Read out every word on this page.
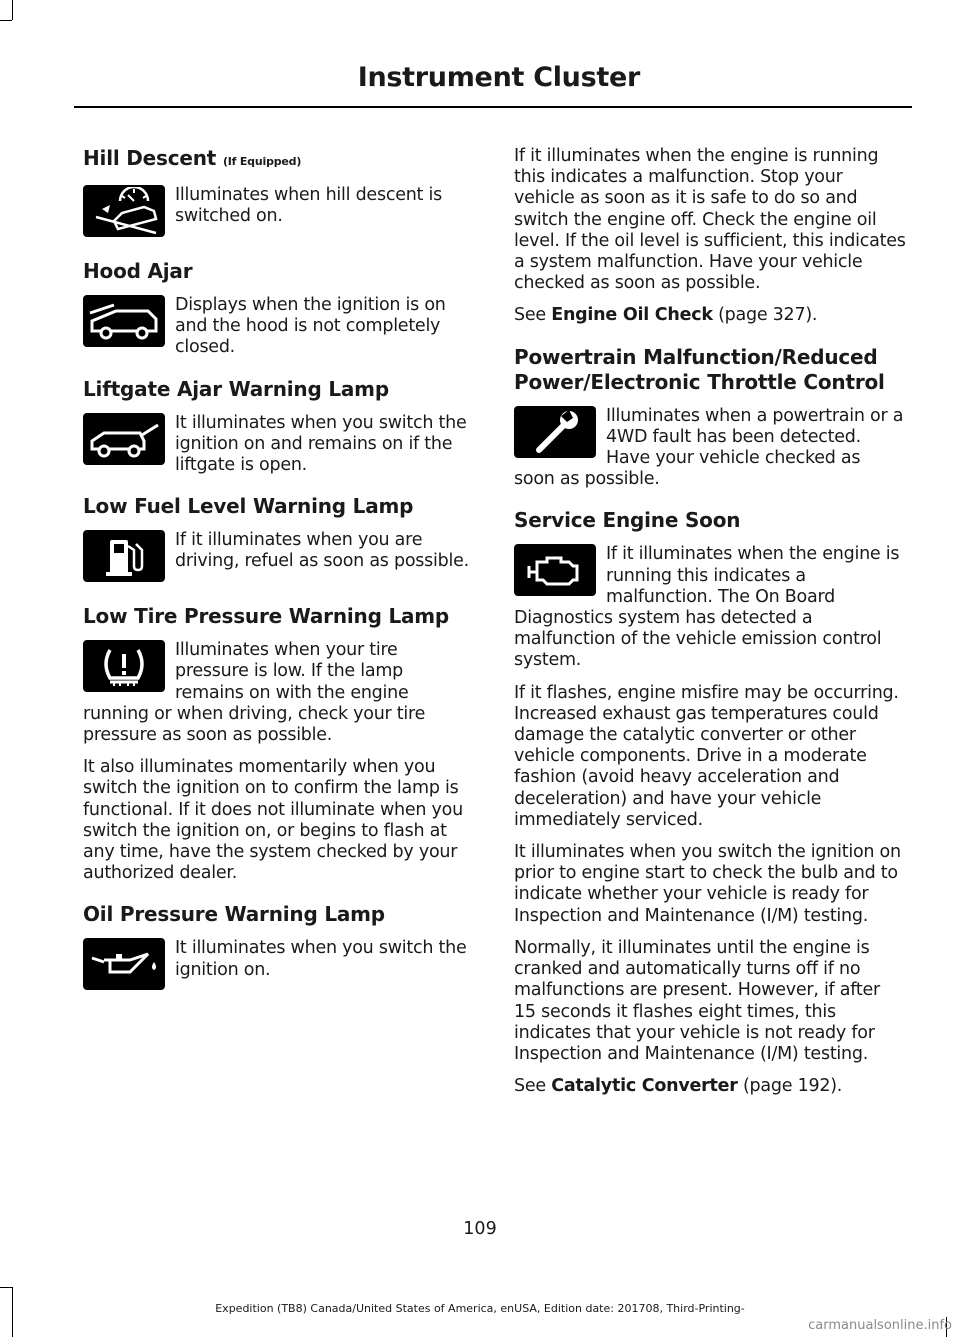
Instrument Cluster
Hill Descent (If Equipped)

Illuminates when hill descent is switched on.

Hood Ajar

Displays when the ignition is on and the hood is not completely closed.

Liftgate Ajar Warning Lamp

It illuminates when you switch the ignition on and remains on if the liftgate is open.

Low Fuel Level Warning Lamp

If it illuminates when you are driving, refuel as soon as possible.

Low Tire Pressure Warning Lamp

Illuminates when your tire pressure is low. If the lamp remains on with the engine running or when driving, check your tire pressure as soon as possible.

It also illuminates momentarily when you switch the ignition on to confirm the lamp is functional. If it does not illuminate when you switch the ignition on, or begins to flash at any time, have the system checked by your authorized dealer.

Oil Pressure Warning Lamp

It illuminates when you switch the ignition on.

If it illuminates when the engine is running this indicates a malfunction. Stop your vehicle as soon as it is safe to do so and switch the engine off. Check the engine oil level. If the oil level is sufficient, this indicates a system malfunction. Have your vehicle checked as soon as possible.

See Engine Oil Check (page 327).

Powertrain Malfunction/Reduced Power/Electronic Throttle Control

Illuminates when a powertrain or a 4WD fault has been detected. Have your vehicle checked as soon as possible.

Service Engine Soon

If it illuminates when the engine is running this indicates a malfunction. The On Board Diagnostics system has detected a malfunction of the vehicle emission control system.

If it flashes, engine misfire may be occurring. Increased exhaust gas temperatures could damage the catalytic converter or other vehicle components. Drive in a moderate fashion (avoid heavy acceleration and deceleration) and have your vehicle immediately serviced.

It illuminates when you switch the ignition on prior to engine start to check the bulb and to indicate whether your vehicle is ready for Inspection and Maintenance (I/M) testing.

Normally, it illuminates until the engine is cranked and automatically turns off if no malfunctions are present. However, if after 15 seconds it flashes eight times, this indicates that your vehicle is not ready for Inspection and Maintenance (I/M) testing.

See Catalytic Converter (page 192).

109
Expedition (TB8) Canada/United States of America, enUSA, Edition date: 201708, Third-Printing-
carmanualsonline.info
